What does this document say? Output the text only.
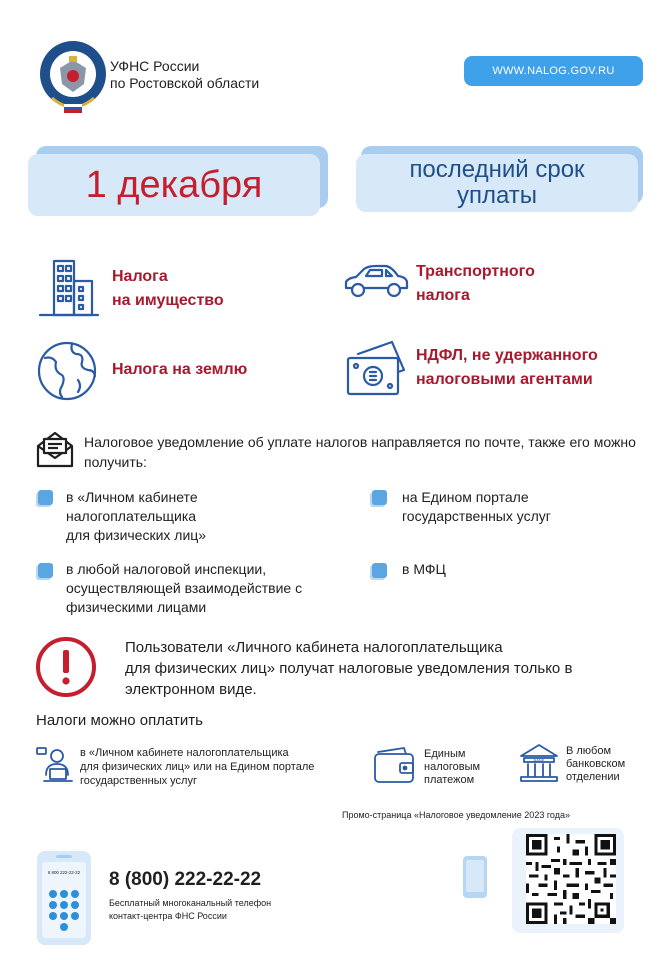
УФНС России
по Ростовской области
WWW.NALOG.GOV.RU
1 декабря	последний срок
уплаты
Налога
на имущество
Транспортного
налога
Налога на землю
НДФЛ, не удержанного
налоговыми агентами
Налоговое уведомление об уплате налогов направляется по почте, также его можно получить:
в «Личном кабинете
налогоплательщика
для физических лиц»
на Едином портале
государственных услуг
в любой налоговой инспекции,
осуществляющей взаимодействие с
физическими лицами
в МФЦ
Пользователи «Личного кабинета налогоплательщика
для физических лиц» получат налоговые уведомления только в
электронном виде.
Налоги можно оплатить
в «Личном кабинете налогоплательщика
для физических лиц» или на Едином портале
государственных услуг
Единым
налоговым
платежом
BANK
В любом
банковском
отделении
Промо-страница «Налоговое уведомление 2023 года»
8 800 222-22-22 8 (800) 222-22-22
Бесплатный многоканальный телефон
контакт-центра ФНС России
